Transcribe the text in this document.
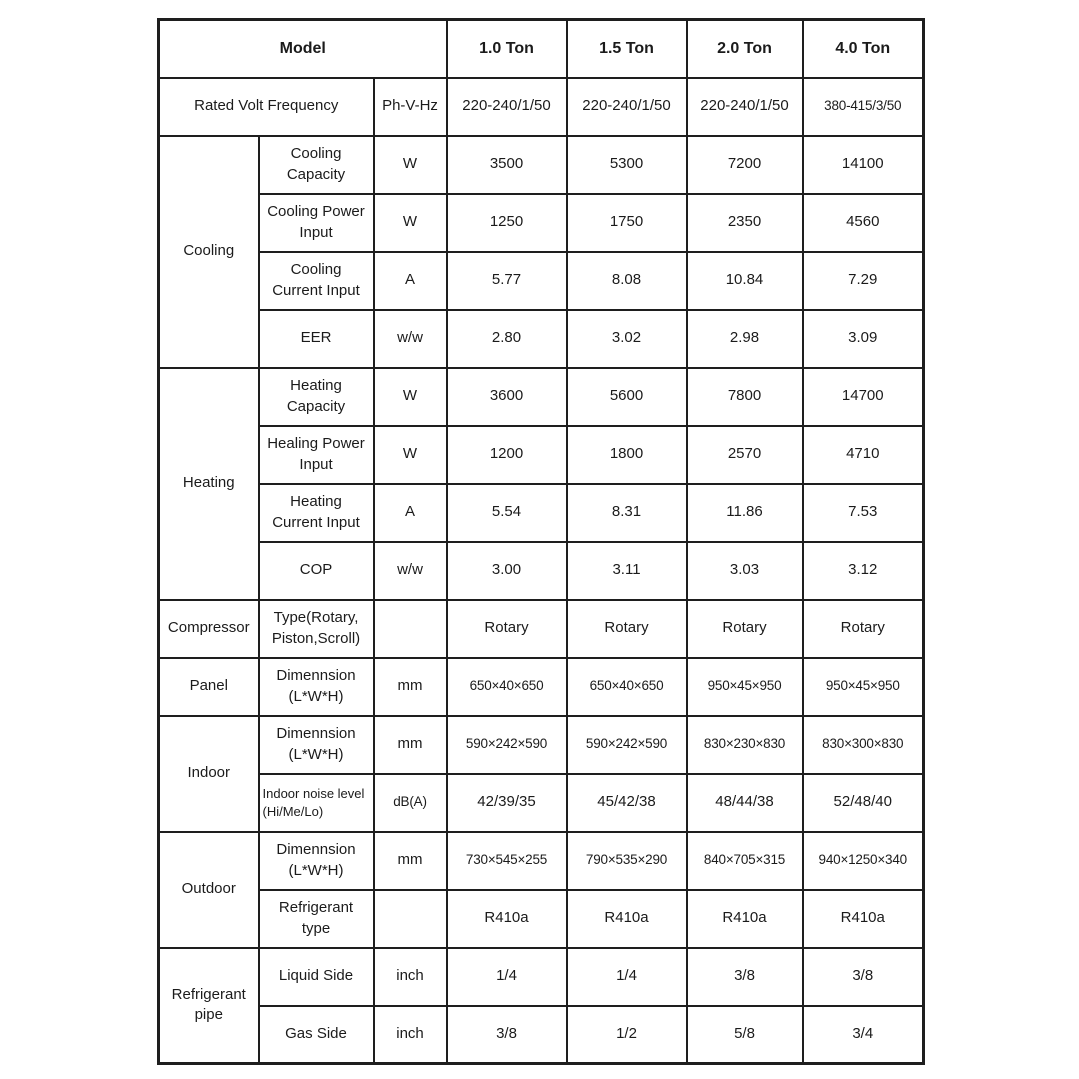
Model			1.0 Ton	1.5 Ton	2.0 Ton	4.0 Ton
Rated Volt Frequency		Ph-V-Hz	220-240/1/50	220-240/1/50	220-240/1/50	380-415/3/50
Cooling	Cooling Capacity	W	3500	5300	7200	14100
	Cooling Power Input	W	1250	1750	2350	4560
	Cooling Current Input	A	5.77	8.08	10.84	7.29
	EER	w/w	2.80	3.02	2.98	3.09
Heating	Heating Capacity	W	3600	5600	7800	14700
	Healing Power Input	W	1200	1800	2570	4710
	Heating Current Input	A	5.54	8.31	11.86	7.53
	COP	w/w	3.00	3.11	3.03	3.12
Compressor	Type(Rotary, Piston,Scroll)		Rotary	Rotary	Rotary	Rotary
Panel	Dimennsion (L*W*H)	mm	650×40×650	650×40×650	950×45×950	950×45×950
Indoor	Dimennsion (L*W*H)	mm	590×242×590	590×242×590	830×230×830	830×300×830
	Indoor noise level (Hi/Me/Lo)	dB(A)	42/39/35	45/42/38	48/44/38	52/48/40
Outdoor	Dimennsion (L*W*H)	mm	730×545×255	790×535×290	840×705×315	940×1250×340
	Refrigerant type		R410a	R410a	R410a	R410a
Refrigerant pipe	Liquid Side	inch	1/4	1/4	3/8	3/8
	Gas Side	inch	3/8	1/2	5/8	3/4
